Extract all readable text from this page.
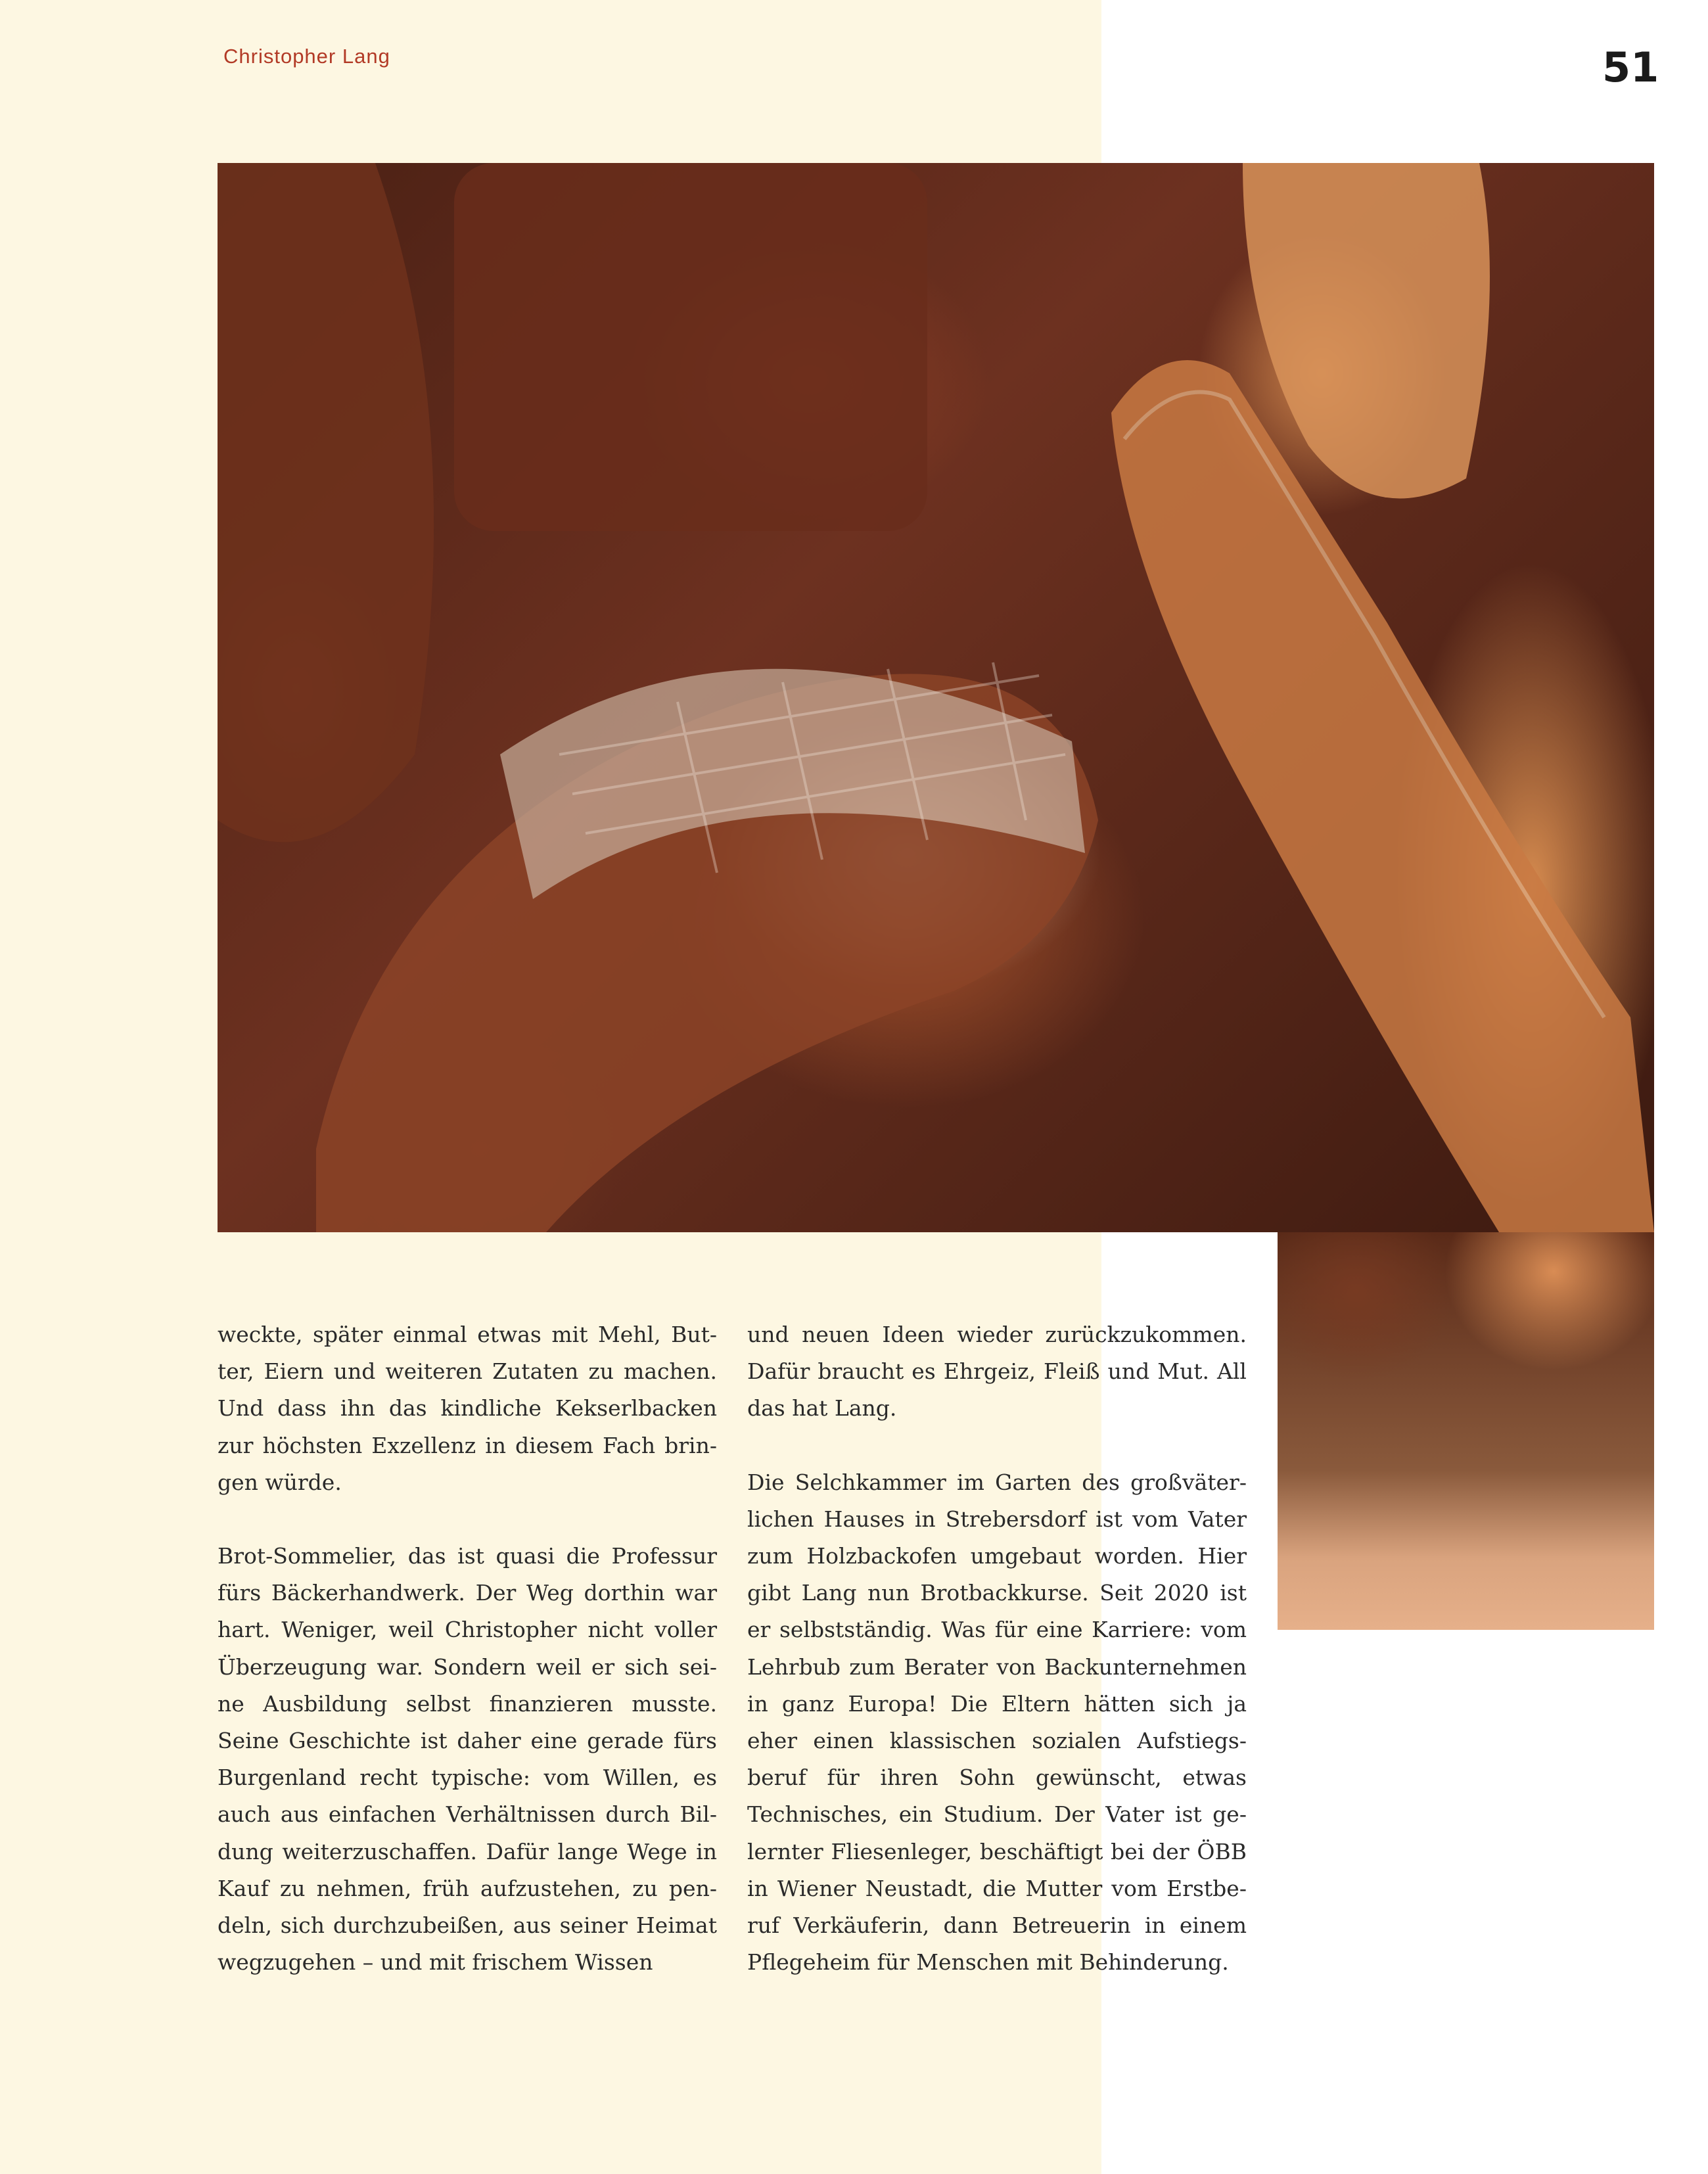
Christopher Lang	51

weckte, später einmal etwas mit Mehl, Butter, Eiern und weiteren Zutaten zu machen. Und dass ihn das kindliche Kekserlbacken zur höchsten Exzellenz in diesem Fach bringen würde.

Brot-Sommelier, das ist quasi die Professur fürs Bäckerhandwerk. Der Weg dorthin war hart. Weniger, weil Christopher nicht voller Überzeugung war. Sondern weil er sich seine Ausbildung selbst finanzieren musste. Seine Geschichte ist daher eine gerade fürs Burgenland recht typische: vom Willen, es auch aus einfachen Verhältnissen durch Bildung weiterzuschaffen. Dafür lange Wege in Kauf zu nehmen, früh aufzustehen, zu pendeln, sich durchzubeißen, aus seiner Heimat wegzugehen – und mit frischem Wissen

und neuen Ideen wieder zurückzukommen. Dafür braucht es Ehrgeiz, Fleiß und Mut. All das hat Lang.

Die Selchkammer im Garten des großväterlichen Hauses in Strebersdorf ist vom Vater zum Holzbackofen umgebaut worden. Hier gibt Lang nun Brotbackkurse. Seit 2020 ist er selbstständig. Was für eine Karriere: vom Lehrbub zum Berater von Backunternehmen in ganz Europa! Die Eltern hätten sich ja eher einen klassischen sozialen Aufstiegsberuf für ihren Sohn gewünscht, etwas Technisches, ein Studium. Der Vater ist gelernter Fliesenleger, beschäftigt bei der ÖBB in Wiener Neustadt, die Mutter vom Erstberuf Verkäuferin, dann Betreuerin in einem Pflegeheim für Menschen mit Behinderung.
